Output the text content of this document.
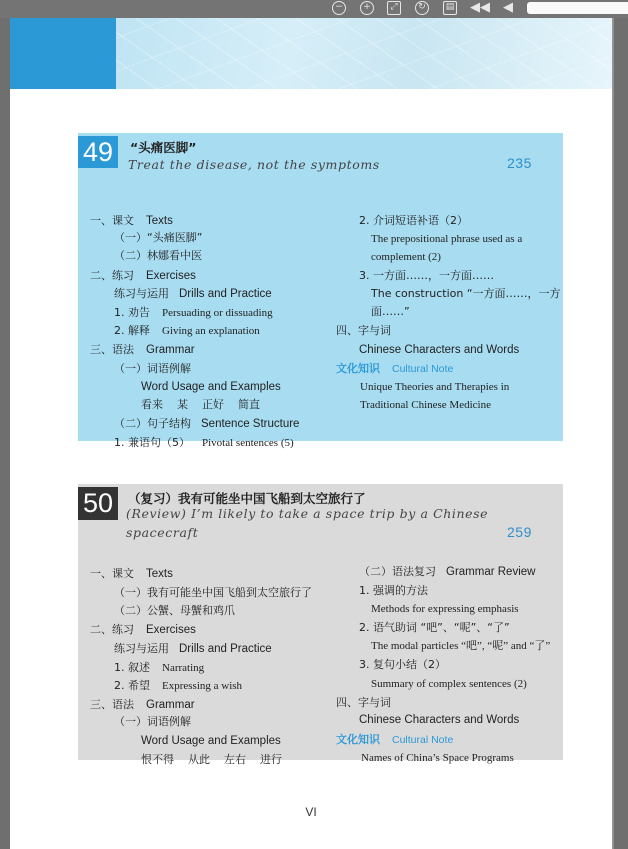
−	+	⤢	↻	▤ ◀◀ ◀
49	“头痛医脚”
Treat the disease, not the symptoms	235
一、课文 Texts
（一）“头痛医脚”
（二）林娜看中医
二、练习 Exercises
练习与运用 Drills and Practice
1. 劝告 Persuading or dissuading
2. 解释 Giving an explanation
三、语法 Grammar
（一）词语例解
Word Usage and Examples
看来 某 正好 简直
（二）句子结构 Sentence Structure
1. 兼语句（5） Pivotal sentences (5)
2. 介词短语补语（2）
The prepositional phrase used as a
complement (2)
3. 一方面……，一方面……
The construction “一方面……，一方
面……”
四、字与词
Chinese Characters and Words
文化知识 Cultural Note
Unique Theories and Therapies in
Traditional Chinese Medicine
50	（复习）我有可能坐中国飞船到太空旅行了
(Review) I’m likely to take a space trip by a Chinese
spacecraft	259
一、课文 Texts
（一）我有可能坐中国飞船到太空旅行了
（二）公蟹、母蟹和鸡爪
二、练习 Exercises
练习与运用 Drills and Practice
1. 叙述 Narrating
2. 希望 Expressing a wish
三、语法 Grammar
（一）词语例解
Word Usage and Examples
恨不得 从此 左右 进行
（二）语法复习 Grammar Review
1. 强调的方法
Methods for expressing emphasis
2. 语气助词 “吧”、“呢”、“了”
The modal particles “吧”, “呢” and “了”
3. 复句小结（2）
Summary of complex sentences (2)
四、字与词
Chinese Characters and Words
文化知识 Cultural Note
Names of China’s Space Programs
VI
